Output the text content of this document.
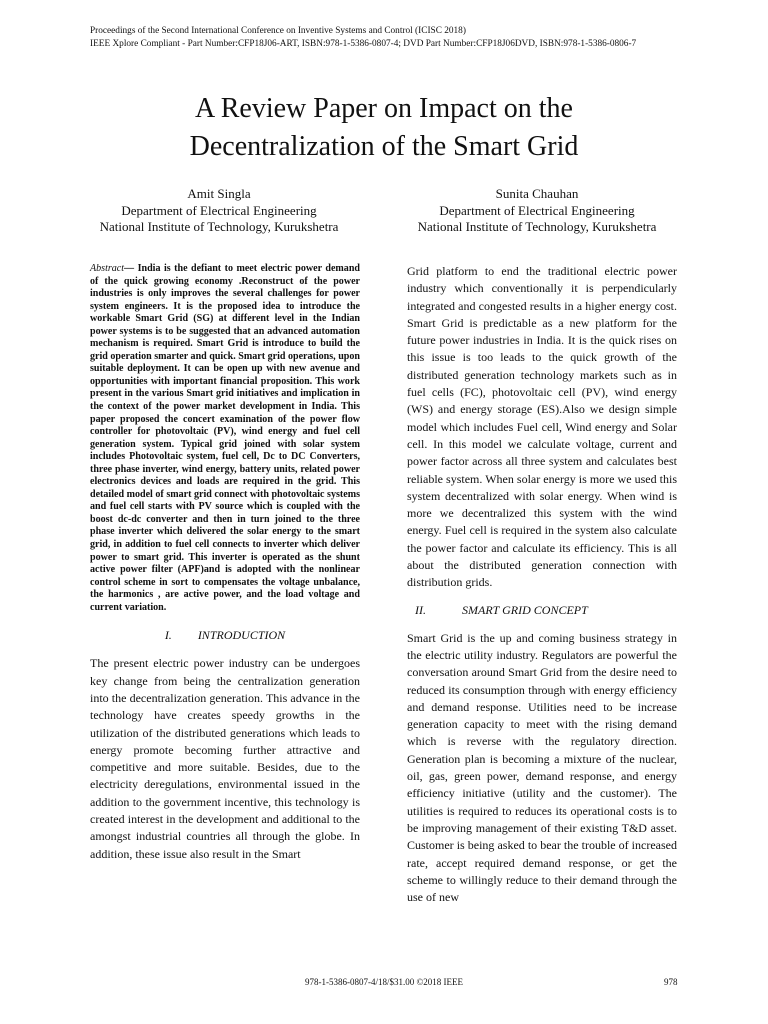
Proceedings of the Second International Conference on Inventive Systems and Control (ICISC 2018)
IEEE Xplore Compliant - Part Number:CFP18J06-ART, ISBN:978-1-5386-0807-4; DVD Part Number:CFP18J06DVD, ISBN:978-1-5386-0806-7
A Review Paper on Impact on the
Decentralization of the Smart Grid
Amit Singla
Department of Electrical Engineering
National Institute of Technology, Kurukshetra
Sunita Chauhan
Department of Electrical Engineering
National Institute of Technology, Kurukshetra

Abstract— India is the defiant to meet electric power demand of the quick growing economy .Reconstruct of the power industries is only improves the several challenges for power system engineers. It is the proposed idea to introduce the workable Smart Grid (SG) at different level in the Indian power systems is to be suggested that an advanced automation mechanism is required. Smart Grid is introduce to build the grid operation smarter and quick. Smart grid operations, upon suitable deployment. It can be open up with new avenue and opportunities with important financial proposition. This work present in the various Smart grid initiatives and implication in the context of the power market development in India. This paper proposed the concert examination of the power flow controller for photovoltaic (PV), wind energy and fuel cell generation system. Typical grid joined with solar system includes Photovoltaic system, fuel cell, Dc to DC Converters, three phase inverter, wind energy, battery units, related power electronics devices and loads are required in the grid. This detailed model of smart grid connect with photovoltaic systems and fuel cell starts with PV source which is coupled with the boost dc-dc converter and then in turn joined to the three phase inverter which delivered the solar energy to the smart grid, in addition to fuel cell connects to inverter which deliver power to smart grid. This inverter is operated as the shunt active power filter (APF)and is adopted with the nonlinear control scheme in sort to compensates the voltage unbalance, the harmonics , are active power, and the load voltage and current variation.

I. INTRODUCTION

The present electric power industry can be undergoes key change from being the centralization generation into the decentralization generation. This advance in the technology have creates speedy growths in the utilization of the distributed generations which leads to energy promote becoming further attractive and competitive and more suitable. Besides, due to the electricity deregulations, environmental issued in the addition to the government incentive, this technology is created interest in the development and additional to the amongst industrial countries all through the globe. In addition, these issue also result in the Smart

Grid platform to end the traditional electric power industry which conventionally it is perpendicularly integrated and congested results in a higher energy cost. Smart Grid is predictable as a new platform for the future power industries in India. It is the quick rises on this issue is too leads to the quick growth of the distributed generation technology markets such as in fuel cells (FC), photovoltaic cell (PV), wind energy (WS) and energy storage (ES).Also we design simple model which includes Fuel cell, Wind energy and Solar cell. In this model we calculate voltage, current and power factor across all three system and calculates best reliable system. When solar energy is more we used this system decentralized with solar energy. When wind is more we decentralized this system with the wind energy. Fuel cell is required in the system also calculate the power factor and calculate its efficiency. This is all about the distributed generation connection with distribution grids.

II.	SMART GRID CONCEPT

Smart Grid is the up and coming business strategy in the electric utility industry. Regulators are powerful the conversation around Smart Grid from the desire need to reduced its consumption through with energy efficiency and demand response. Utilities need to be increase generation capacity to meet with the rising demand which is reverse with the regulatory direction. Generation plan is becoming a mixture of the nuclear, oil, gas, green power, demand response, and energy efficiency initiative (utility and the customer). The utilities is required to reduces its operational costs is to be improving management of their existing T&D asset. Customer is being asked to bear the trouble of increased rate, accept required demand response, or get the scheme to willingly reduce to their demand through the use of new

978-1-5386-0807-4/18/$31.00 ©2018 IEEE	978
